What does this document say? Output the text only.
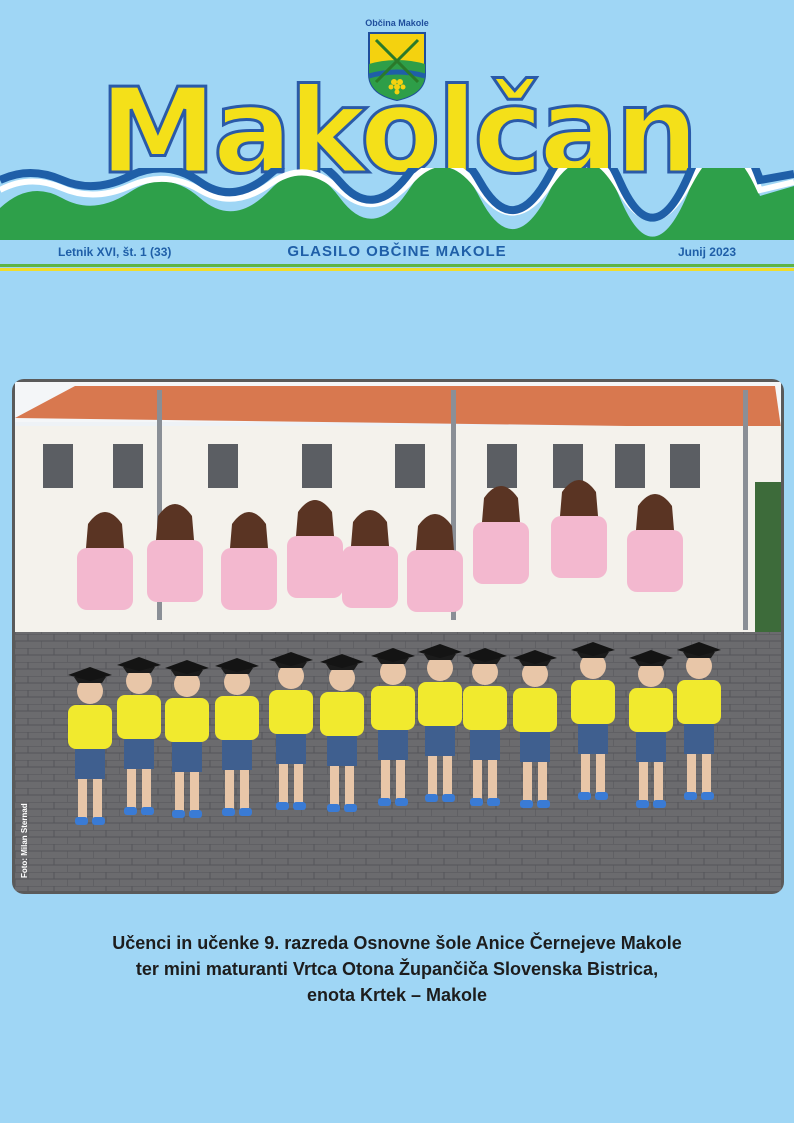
Občina Makole
Makolčan
Letnik XVI, št. 1 (33)	GLASILO OBČINE MAKOLE	Junij 2023
Foto: Milan Sternad
Učenci in učenke 9. razreda Osnovne šole Anice Černejeve Makole
ter mini maturanti Vrtca Otona Župančiča Slovenska Bistrica,
enota Krtek – Makole
